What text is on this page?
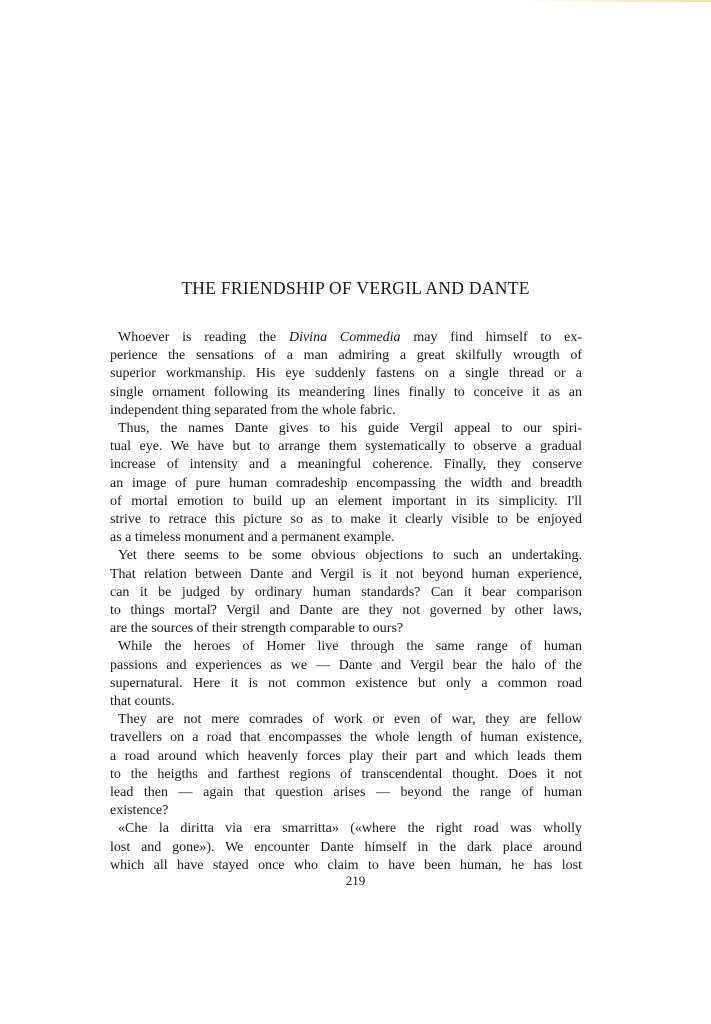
THE FRIENDSHIP OF VERGIL AND DANTE
Whoever is reading the Divina Commedia may find himself to ex-
perience the sensations of a man admiring a great skilfully wrougth of
superior workmanship. His eye suddenly fastens on a single thread or a
single ornament following its meandering lines finally to conceive it as an
independent thing separated from the whole fabric.
Thus, the names Dante gives to his guide Vergil appeal to our spiri-
tual eye. We have but to arrange them systematically to observe a gradual
increase of intensity and a meaningful coherence. Finally, they conserve
an image of pure human comradeship encompassing the width and breadth
of mortal emotion to build up an element important in its simplicity. I'll
strive to retrace this picture so as to make it clearly visible to be enjoyed
as a timeless monument and a permanent example.
Yet there seems to be some obvious objections to such an undertaking.
That relation between Dante and Vergil is it not beyond human experience,
can it be judged by ordinary human standards? Can it bear comparison
to things mortal? Vergil and Dante are they not governed by other laws,
are the sources of their strength comparable to ours?
While the heroes of Homer live through the same range of human
passions and experiences as we — Dante and Vergil bear the halo of the
supernatural. Here it is not common existence but only a common road
that counts.
They are not mere comrades of work or even of war, they are fellow
travellers on a road that encompasses the whole length of human existence,
a road around which heavenly forces play their part and which leads them
to the heigths and farthest regions of transcendental thought. Does it not
lead then — again that question arises — beyond the range of human
existence?
«Che la diritta via era smarritta» («where the right road was wholly
lost and gone»). We encounter Dante himself in the dark place around
which all have stayed once who claim to have been human, he has lost
219
